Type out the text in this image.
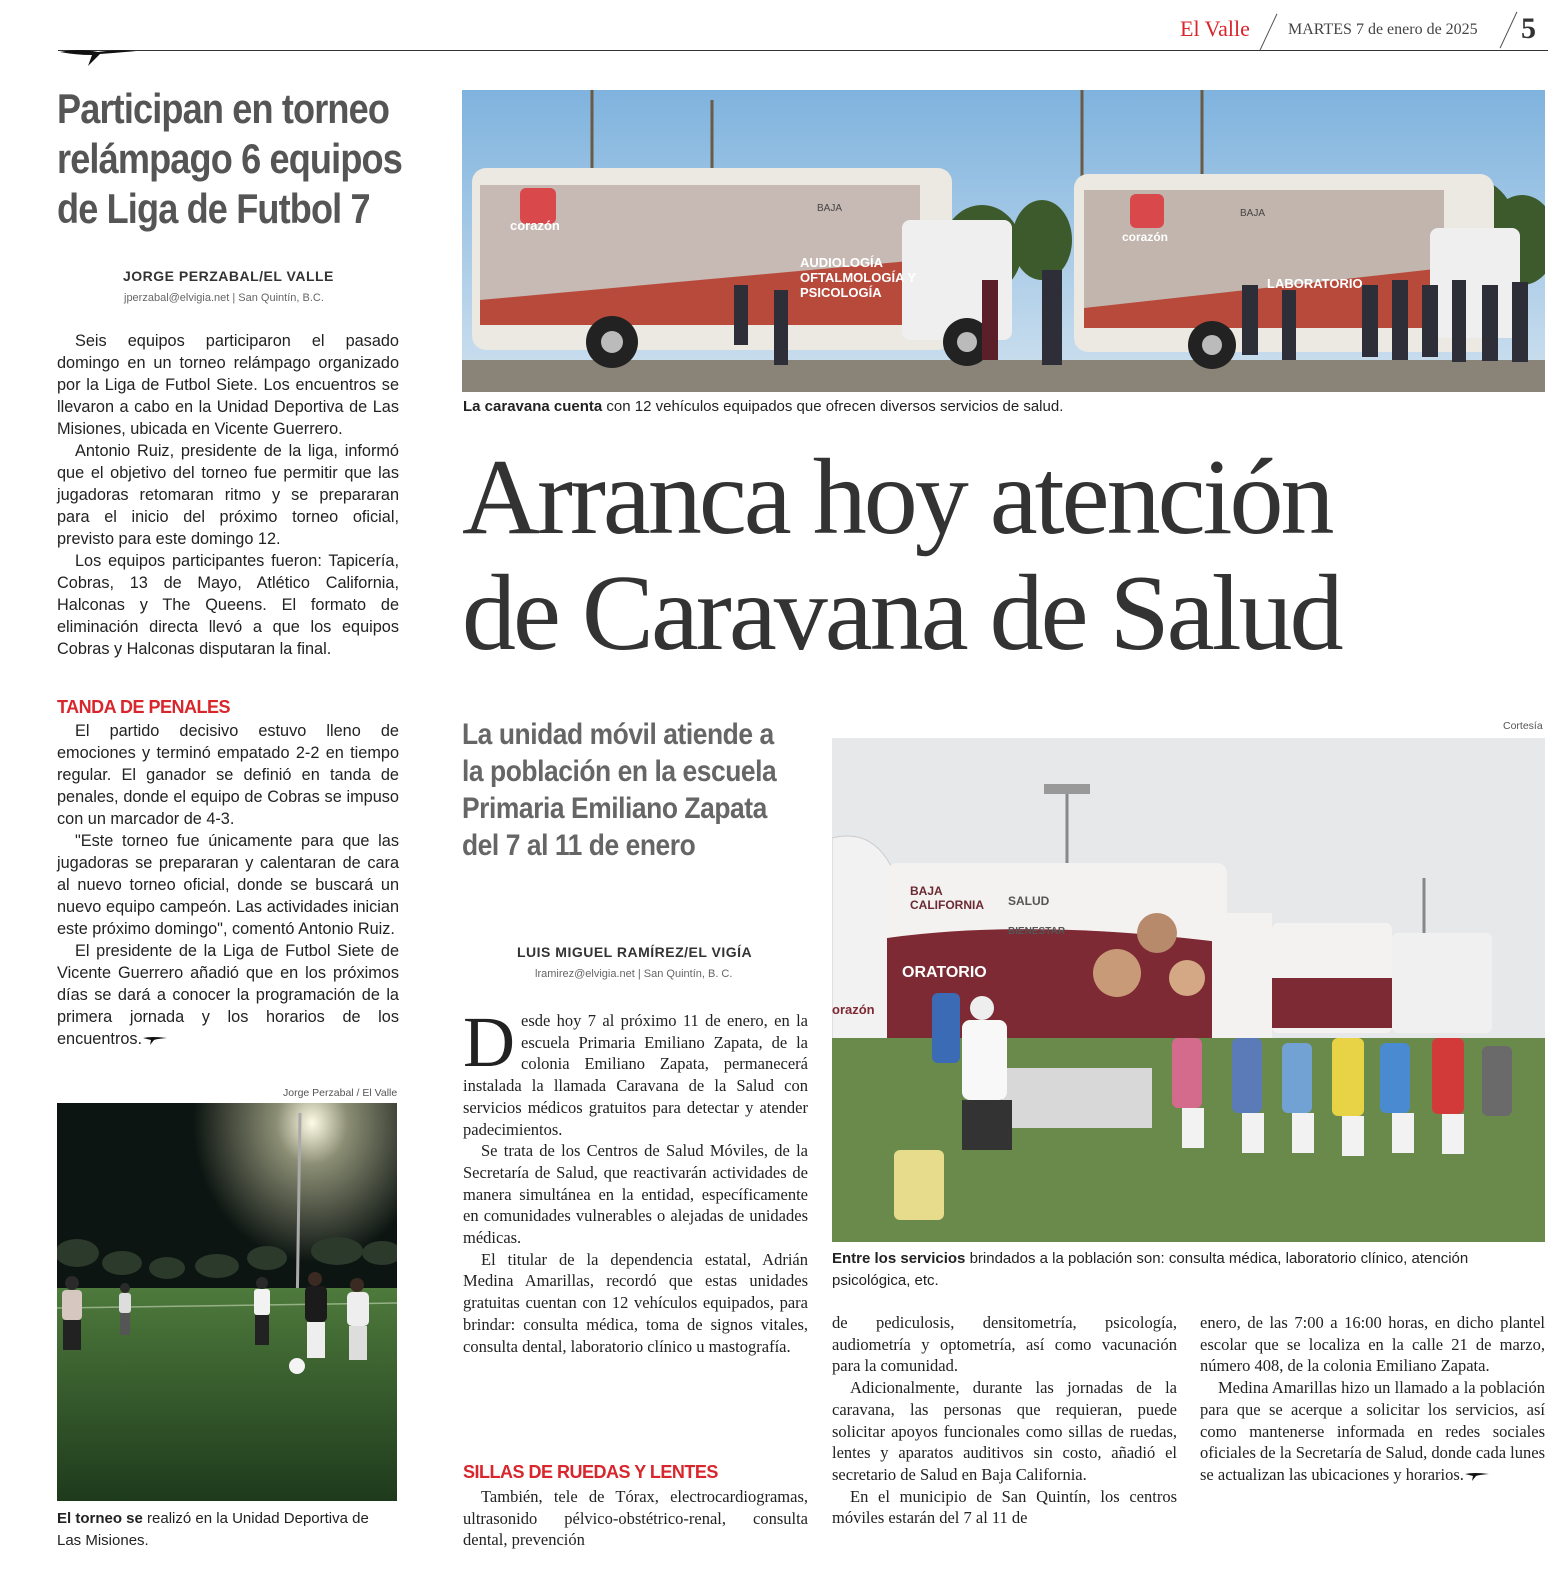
El Valle MARTES 7 de enero de 2025 5
Participan en torneo relámpago 6 equipos de Liga de Futbol 7
JORGE PERZABAL/EL VALLE
jperzabal@elvigia.net | San Quintín, B.C.

Seis equipos participaron el pasado domingo en un torneo relámpago organizado por la Liga de Futbol Siete. Los encuentros se llevaron a cabo en la Unidad Deportiva de Las Misiones, ubicada en Vicente Guerrero.

Antonio Ruiz, presidente de la liga, informó que el objetivo del torneo fue permitir que las jugadoras retomaran ritmo y se prepararan para el inicio del próximo torneo oficial, previsto para este domingo 12.

Los equipos participantes fueron: Tapicería, Cobras, 13 de Mayo, Atlético California, Halconas y The Queens. El formato de eliminación directa llevó a que los equipos Cobras y Halconas disputaran la final.

TANDA DE PENALES

El partido decisivo estuvo lleno de emociones y terminó empatado 2-2 en tiempo regular. El ganador se definió en tanda de penales, donde el equipo de Cobras se impuso con un marcador de 4-3.

"Este torneo fue únicamente para que las jugadoras se prepararan y calentaran de cara al nuevo torneo oficial, donde se buscará un nuevo equipo campeón. Las actividades inician este próximo domingo", comentó Antonio Ruiz.

El presidente de la Liga de Futbol Siete de Vicente Guerrero añadió que en los próximos días se dará a conocer la programación de la primera jornada y los horarios de los encuentros.

Jorge Perzabal / El Valle
El torneo se realizó en la Unidad Deportiva de Las Misiones.
corazón
BAJA
AUDIOLOGÍA OFTALMOLOGÍA Y PSICOLOGÍA
corazón
BAJA
LABORATORIO
La caravana cuenta con 12 vehículos equipados que ofrecen diversos servicios de salud.
Arranca hoy atención
de Caravana de Salud
La unidad móvil atiende a la población en la escuela Primaria Emiliano Zapata del 7 al 11 de enero
LUIS MIGUEL RAMÍREZ/EL VIGÍA
lramirez@elvigia.net | San Quintín, B. C.
Cortesía
BAJA CALIFORNIA	SALUD
BIENESTAR
ORATORIO
orazón
Entre los servicios brindados a la población son: consulta médica, laboratorio clínico, atención psicológica, etc.

Desde hoy 7 al próximo 11 de enero, en la escuela Primaria Emiliano Zapata, de la colonia Emiliano Zapata, permanecerá instalada la llamada Caravana de la Salud con servicios médicos gratuitos para detectar y atender padecimientos.

Se trata de los Centros de Salud Móviles, de la Secretaría de Salud, que reactivarán actividades de manera simultánea en la entidad, específicamente en comunidades vulnerables o alejadas de unidades médicas.

El titular de la dependencia estatal, Adrián Medina Amarillas, recordó que estas unidades gratuitas cuentan con 12 vehículos equipados, para brindar: consulta médica, toma de signos vitales, consulta dental, laboratorio clínico u mastografía.

SILLAS DE RUEDAS Y LENTES

También, tele de Tórax, electrocardiogramas, ultrasonido pélvico-obstétrico-renal, consulta dental, prevención

de pediculosis, densitometría, psicología, audiometría y optometría, así como vacunación para la comunidad.

Adicionalmente, durante las jornadas de la caravana, las personas que requieran, puede solicitar apoyos funcionales como sillas de ruedas, lentes y aparatos auditivos sin costo, añadió el secretario de Salud en Baja California.

En el municipio de San Quintín, los centros móviles estarán del 7 al 11 de

enero, de las 7:00 a 16:00 horas, en dicho plantel escolar que se localiza en la calle 21 de marzo, número 408, de la colonia Emiliano Zapata.

Medina Amarillas hizo un llamado a la población para que se acerque a solicitar los servicios, así como mantenerse informada en redes sociales oficiales de la Secretaría de Salud, donde cada lunes se actualizan las ubicaciones y horarios.
